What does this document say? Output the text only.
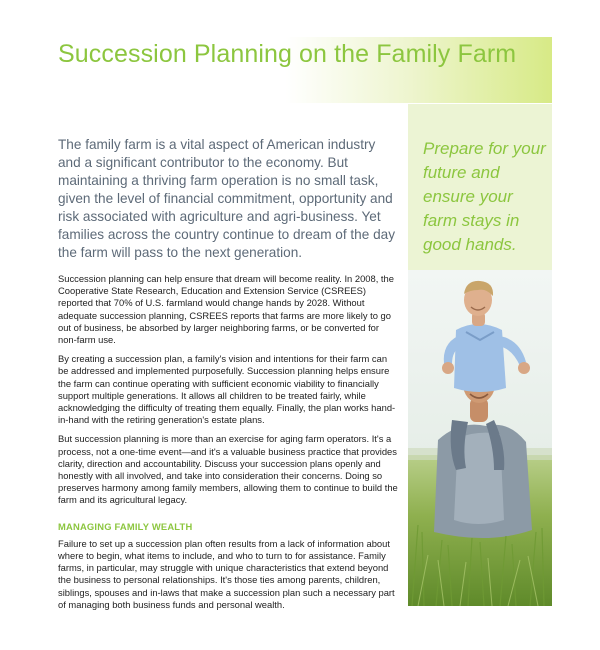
Succession Planning on the Family Farm
Prepare for your future and ensure your farm stays in good hands.

The family farm is a vital aspect of American industry and a significant contributor to the economy. But maintaining a thriving farm operation is no small task, given the level of financial commitment, opportunity and risk associated with agriculture and agri-business. Yet families across the country continue to dream of the day the farm will pass to the next generation.

Succession planning can help ensure that dream will become reality. In 2008, the Cooperative State Research, Education and Extension Service (CSREES) reported that 70% of U.S. farmland would change hands by 2028. Without adequate succession planning, CSREES reports that farms are more likely to go out of business, be absorbed by larger neighboring farms, or be converted for non-farm use.

By creating a succession plan, a family's vision and intentions for their farm can be addressed and implemented purposefully. Succession planning helps ensure the farm can continue operating with sufficient economic viability to financially support multiple generations. It allows all children to be treated fairly, while acknowledging the difficulty of treating them equally. Finally, the plan works hand-in-hand with the retiring generation's estate plans.

But succession planning is more than an exercise for aging farm operators. It's a process, not a one-time event—and it's a valuable business practice that provides clarity, direction and accountability. Discuss your succession plans openly and honestly with all involved, and take into consideration their concerns. Doing so preserves harmony among family members, allowing them to continue to build the farm and its agricultural legacy.

MANAGING FAMILY WEALTH

Failure to set up a succession plan often results from a lack of information about where to begin, what items to include, and who to turn to for assistance. Family farms, in particular, may struggle with unique characteristics that extend beyond the business to personal relationships. It's those ties among parents, children, siblings, spouses and in-laws that make a succession plan such a necessary part of managing both business funds and personal wealth.
